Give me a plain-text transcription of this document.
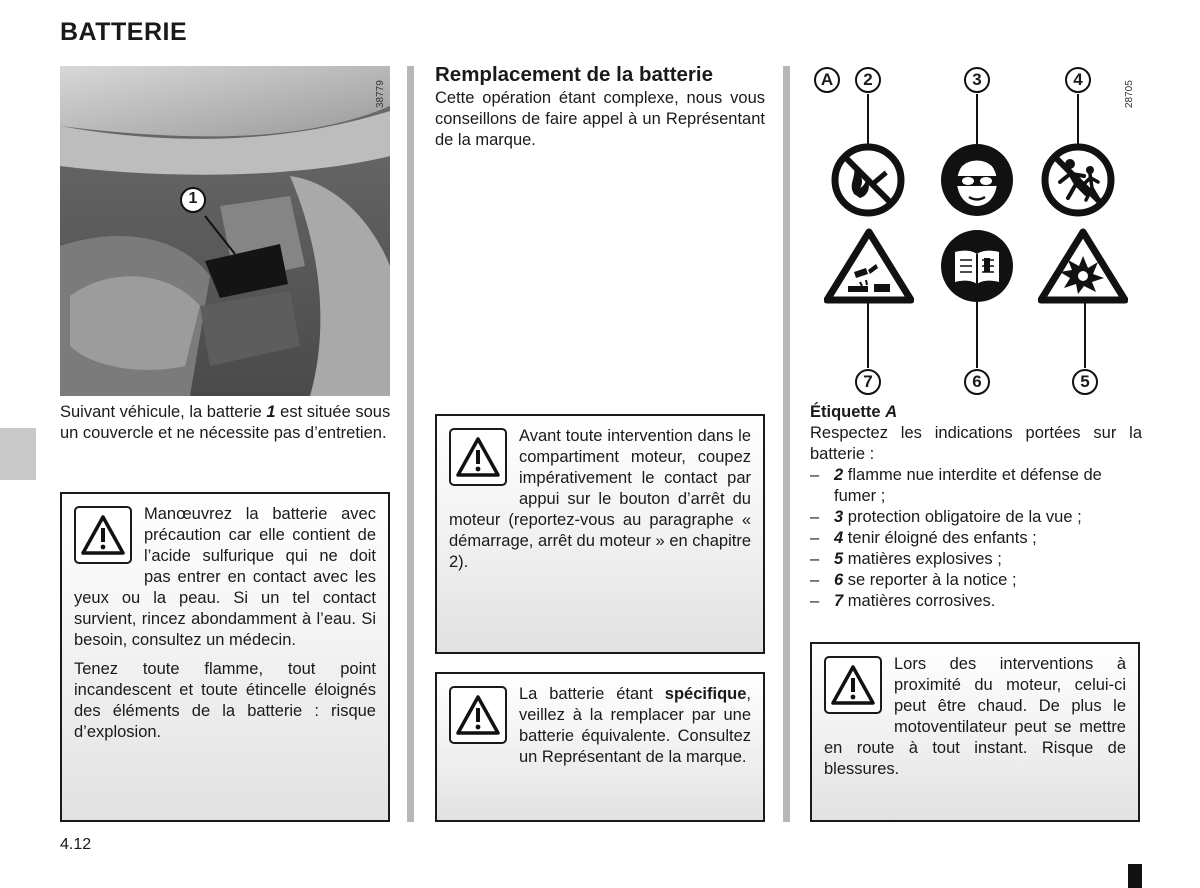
BATTERIE
1
38779
Suivant véhicule, la batterie 1 est située sous un couvercle et ne nécessite pas d’entretien.

Manœuvrez la batterie avec précaution car elle contient de l’acide sulfurique qui ne doit pas entrer en contact avec les yeux ou la peau. Si un tel contact survient, rincez abondamment à l’eau. Si besoin, consultez un médecin.

Tenez toute flamme, tout point incandescent et toute étincelle éloignés des éléments de la batterie : risque d’explosion.

Remplacement de la batterie
Cette opération étant complexe, nous vous conseillons de faire appel à un Représentant de la marque.

Avant toute intervention dans le compartiment moteur, coupez impérativement le contact par appui sur le bouton d’arrêt du moteur (reportez-vous au paragraphe « démarrage, arrêt du moteur » en chapitre 2).

La batterie étant spécifique, veillez à la remplacer par une batterie équivalente. Consultez un Représentant de la marque.

A	2	3	4
7	6	5
28705
Étiquette A
Respectez les indications portées sur la batterie :
– 2 flamme nue interdite et défense de fumer ;
– 3 protection obligatoire de la vue ;
– 4 tenir éloigné des enfants ;
– 5 matières explosives ;
– 6 se reporter à la notice ;
– 7 matières corrosives.

Lors des interventions à proximité du moteur, celui-ci peut être chaud. De plus le motoventilateur peut se mettre en route à tout instant. Risque de blessures.

4.12
